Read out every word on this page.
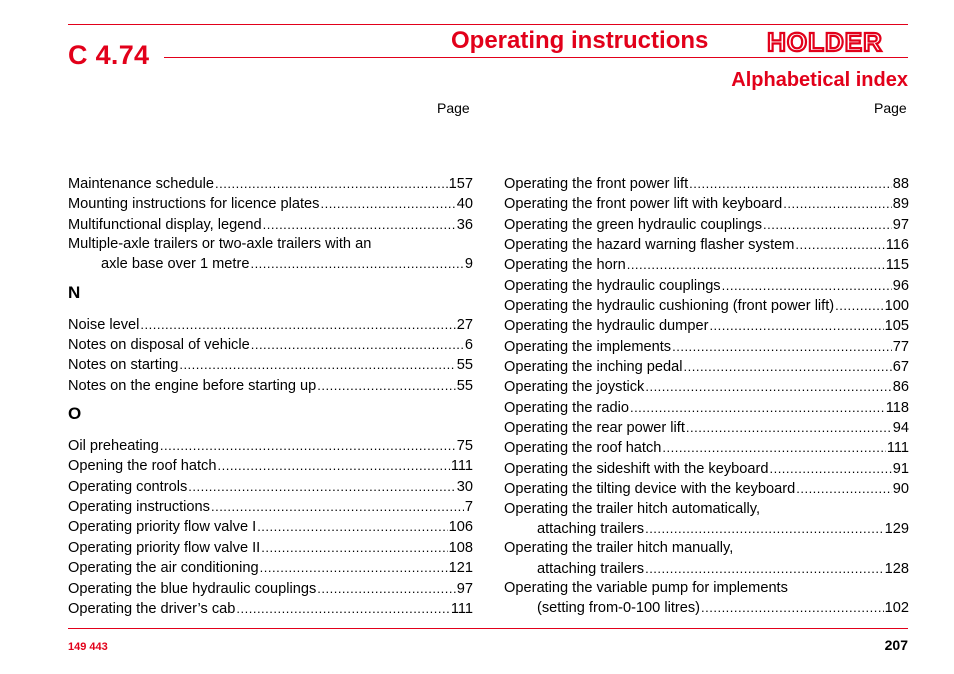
C 4.74	Operating instructions HOLDER
Alphabetical index
Page	Page
Maintenance schedule .....	157
Mounting instructions for licence plates .....	40
Multifunctional display, legend .....	36
Multiple-axle trailers or two-axle trailers with an
axle base over 1 metre .....	9
N
Noise level .....	27
Notes on disposal of vehicle .....	6
Notes on starting .....	55
Notes on the engine before starting up .....	55
O
Oil preheating .....	75
Opening the roof hatch .....	111
Operating controls .....	30
Operating instructions .....	7
Operating priority flow valve I .....	106
Operating priority flow valve II .....	108
Operating the air conditioning .....	121
Operating the blue hydraulic couplings .....	97
Operating the driver’s cab .....	111
Operating the front power lift .....	88
Operating the front power lift with keyboard .....	89
Operating the green hydraulic couplings .....	97
Operating the hazard warning flasher system .....	116
Operating the horn .....	115
Operating the hydraulic couplings .....	96
Operating the hydraulic cushioning (front power lift) .....	100
Operating the hydraulic dumper .....	105
Operating the implements .....	77
Operating the inching pedal .....	67
Operating the joystick .....	86
Operating the radio .....	118
Operating the rear power lift .....	94
Operating the roof hatch .....	111
Operating the sideshift with the keyboard .....	91
Operating the tilting device with the keyboard .....	90
Operating the trailer hitch automatically,
attaching trailers .....	129
Operating the trailer hitch manually,
attaching trailers .....	128
Operating the variable pump for implements
(setting from-0-100 litres) .....	102
149 443	207
